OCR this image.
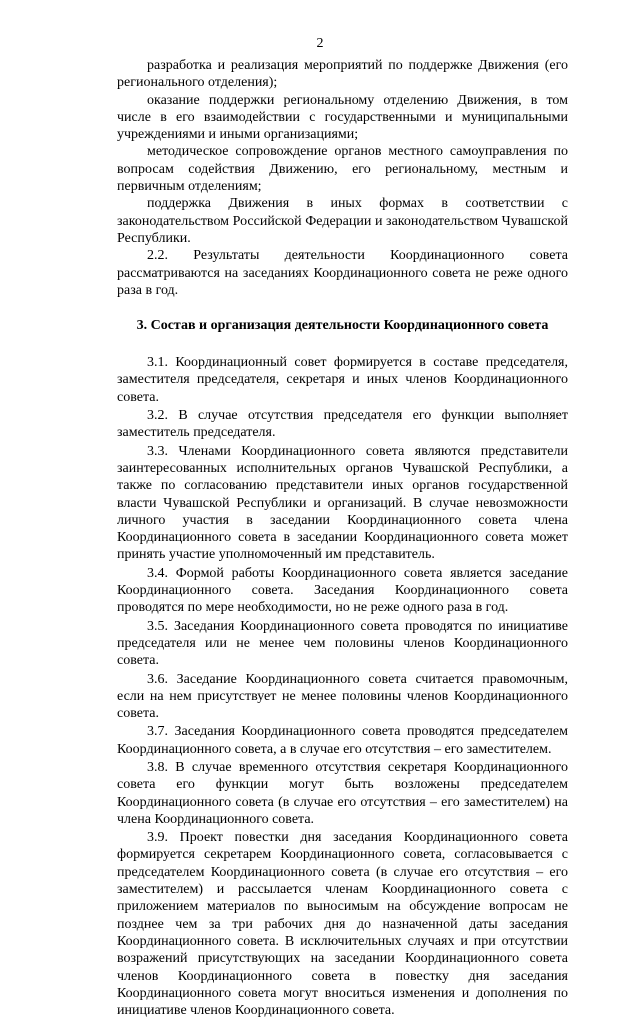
2

разработка и реализация мероприятий по поддержке Движения (его регионального отделения);

оказание поддержки региональному отделению Движения, в том числе в его взаимодействии с государственными и муниципальными учреждениями и иными организациями;

методическое сопровождение органов местного самоуправления по вопросам содействия Движению, его региональному, местным и первичным отделениям;

поддержка Движения в иных формах в соответствии с законодательством Российской Федерации и законодательством Чувашской Республики.

2.2. Результаты деятельности Координационного совета рассматриваются на заседаниях Координационного совета не реже одного раза в год.

3. Состав и организация деятельности Координационного совета

3.1. Координационный совет формируется в составе председателя, заместителя председателя, секретаря и иных членов Координационного совета.

3.2. В случае отсутствия председателя его функции выполняет заместитель председателя.

3.3. Членами Координационного совета являются представители заинтересованных исполнительных органов Чувашской Республики, а также по согласованию представители иных органов государственной власти Чувашской Республики и организаций. В случае невозможности личного участия в заседании Координационного совета члена Координационного совета в заседании Координационного совета может принять участие уполномоченный им представитель.

3.4. Формой работы Координационного совета является заседание Координационного совета. Заседания Координационного совета проводятся по мере необходимости, но не реже одного раза в год.

3.5. Заседания Координационного совета проводятся по инициативе председателя или не менее чем половины членов Координационного совета.

3.6. Заседание Координационного совета считается правомочным, если на нем присутствует не менее половины членов Координационного совета.

3.7. Заседания Координационного совета проводятся председателем Координационного совета, а в случае его отсутствия – его заместителем.

3.8. В случае временного отсутствия секретаря Координационного совета его функции могут быть возложены председателем Координационного совета (в случае его отсутствия – его заместителем) на члена Координационного совета.

3.9. Проект повестки дня заседания Координационного совета формируется секретарем Координационного совета, согласовывается с председателем Координационного совета (в случае его отсутствия – его заместителем) и рассылается членам Координационного совета с приложением материалов по выносимым на обсуждение вопросам не позднее чем за три рабочих дня до назначенной даты заседания Координационного совета. В исключительных случаях и при отсутствии возражений присутствующих на заседании Координационного совета членов Координационного совета в повестку дня заседания Координационного совета могут вноситься изменения и дополнения по инициативе членов Координационного совета.
